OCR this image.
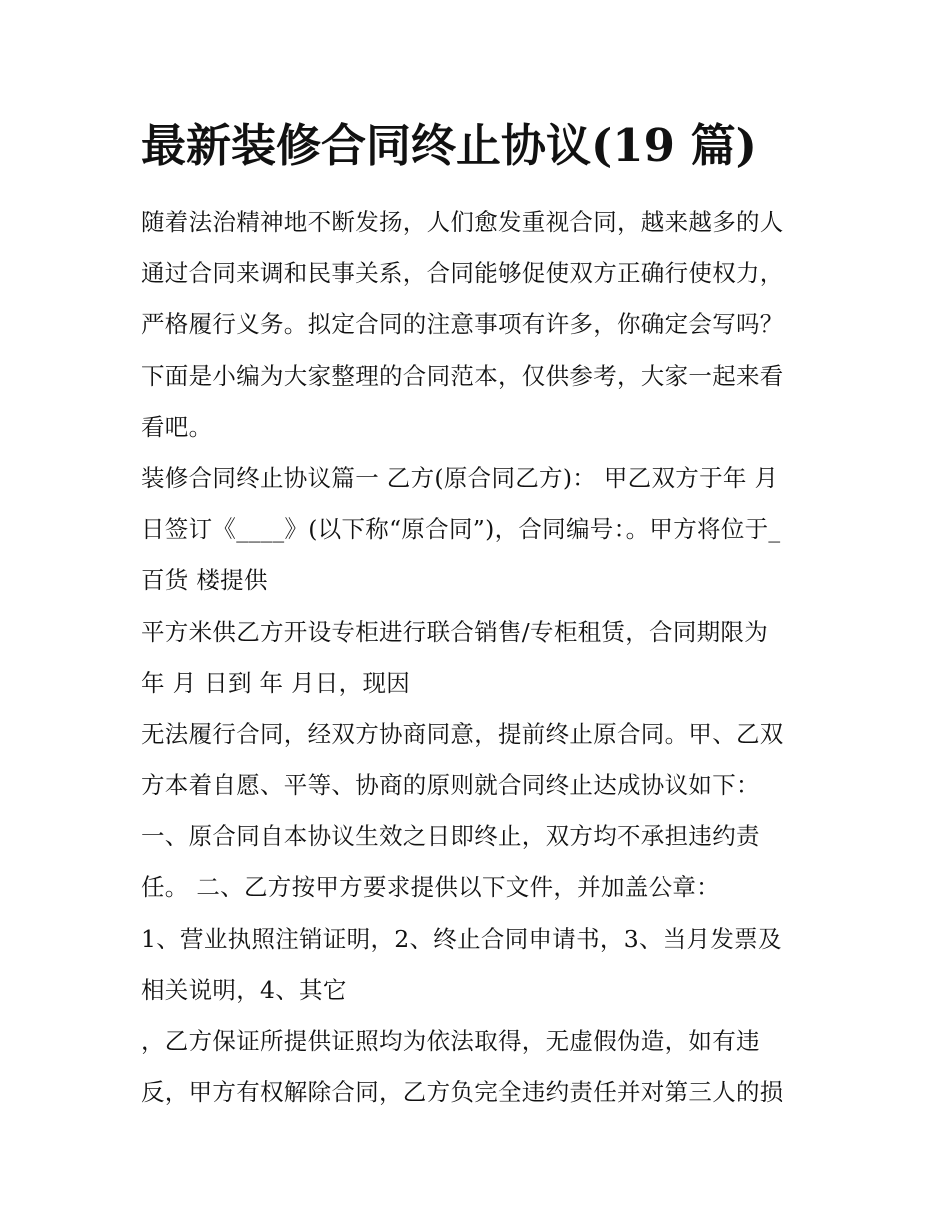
最新装修合同终止协议(19 篇)
随着法治精神地不断发扬，人们愈发重视合同，越来越多的人
通过合同来调和民事关系，合同能够促使双方正确行使权力，
严格履行义务。拟定合同的注意事项有许多，你确定会写吗？
下面是小编为大家整理的合同范本，仅供参考，大家一起来看
看吧。
装修合同终止协议篇一 乙方(原合同乙方)： 甲乙双方于年 月
日签订《____》(以下称“原合同”)，合同编号：。甲方将位于_
百货 楼提供
平方米供乙方开设专柜进行联合销售/专柜租赁，合同期限为
年 月 日到 年 月日，现因
无法履行合同，经双方协商同意，提前终止原合同。甲、乙双
方本着自愿、平等、协商的原则就合同终止达成协议如下：
一、原合同自本协议生效之日即终止，双方均不承担违约责
任。 二、乙方按甲方要求提供以下文件，并加盖公章：
1、营业执照注销证明，2、终止合同申请书，3、当月发票及
相关说明，4、其它
，乙方保证所提供证照均为依法取得，无虚假伪造，如有违
反，甲方有权解除合同，乙方负完全违约责任并对第三人的损
